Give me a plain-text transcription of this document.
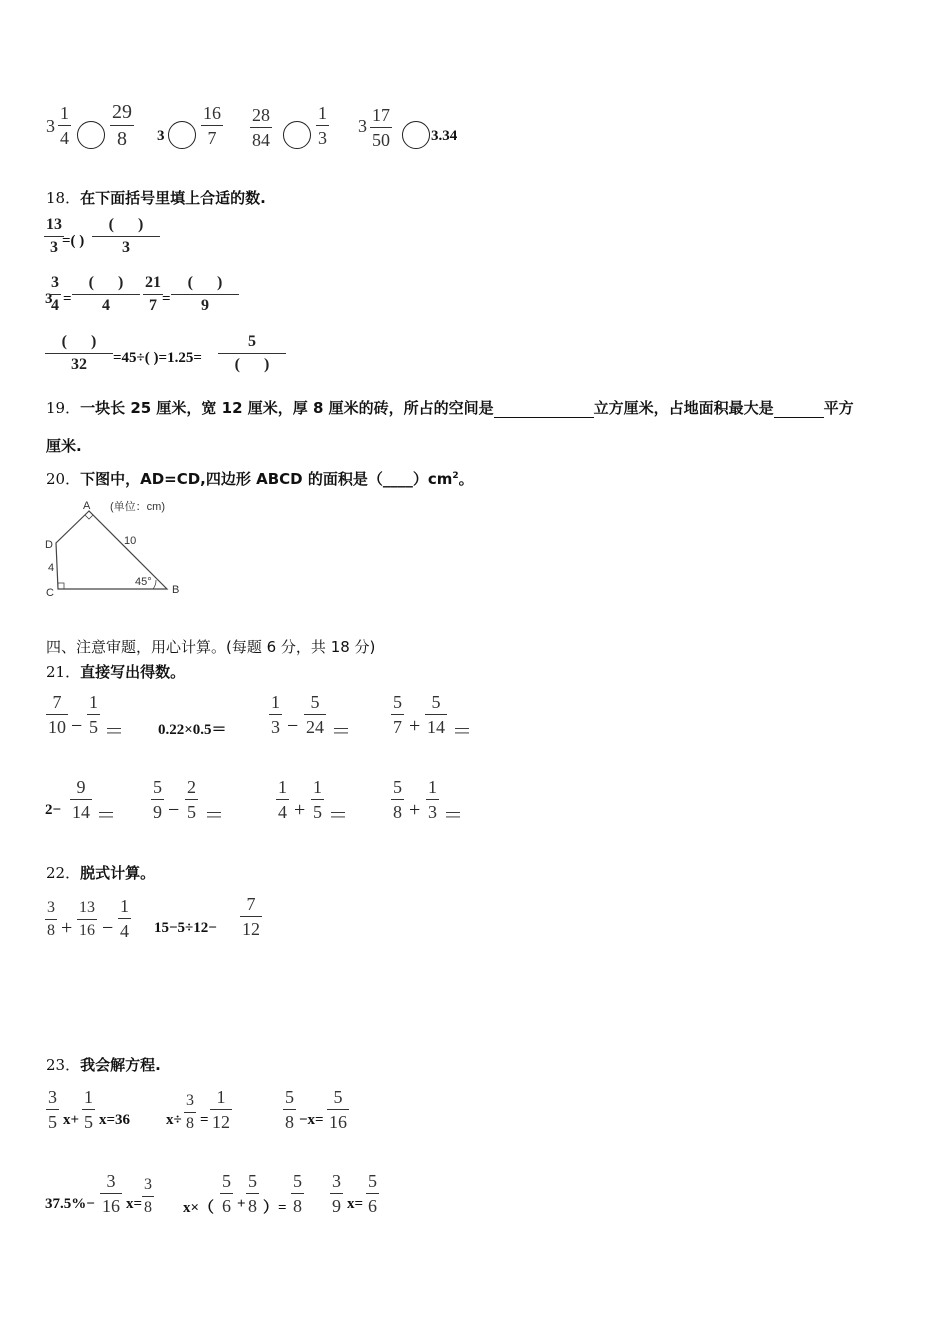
3
1
4
29
8 3
16
7
28
84
1
3
3
17
50	3.34
18．在下面括号里填上合适的数.
13
3 =( )
(      )
3
3
3
4 =
(      )
4
21
7 =
(      )
9
(      )
32 =45÷( )=1.25=
5
(      )
19．一块长 25 厘米，宽 12 厘米，厚 8 厘米的砖，所占的空间是	立方厘米，占地面积最大是	平方
厘米.
20．下图中，AD=CD,四边形 ABCD 的面积是$(\_\_\_\_)cm^2$。
A
D
C	B
(单位：cm)
10
4
45°
四、注意审题，用心计算。(每题 6 分，共 18 分)
21．直接写出得数。
7
10 −
1
5 ＝ 0.22×0.5＝
1
3 −
5
24 ＝
5
7 +
5
14 ＝
2−
9
14 ＝
5
9 −
2
5 ＝
1
4 +
1
5 ＝
5
8 +
1
3 ＝
22．脱式计算。
3
8 +
13
16 −
1
4 15−5÷12−
7
12
23．我会解方程.
3
5 x+
1
5 x=36 x÷
3
8 =
1
12
5
8 −x=
5
16
37.5%−
3
16 x=
3
8 x×（
5
6 +
5
8 ）=
5
8
3
9 x=
5
6
